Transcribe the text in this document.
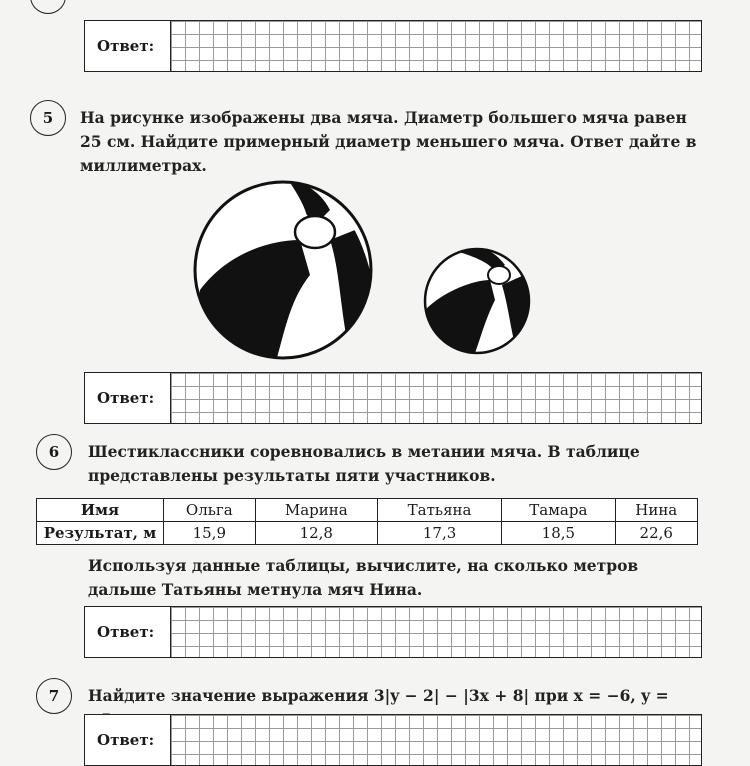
Ответ:
5	На рисунке изображены два мяча. Диаметр большего мяча равен 25 см. Найдите примерный диаметр меньшего мяча. Ответ дайте в миллиметрах.
Ответ:
6	Шестиклассники соревновались в метании мяча. В таблице представлены результаты пяти участников.
Имя	Ольга	Марина	Татьяна	Тамара	Нина
Результат, м	15,9	12,8	17,3	18,5	22,6
Используя данные таблицы, вычислите, на сколько метров дальше Татьяны метнула мяч Нина.
Ответ:
7	Найдите значение выражения 3|y − 2| − |3x + 8| при x = −6, y =
Ответ:
